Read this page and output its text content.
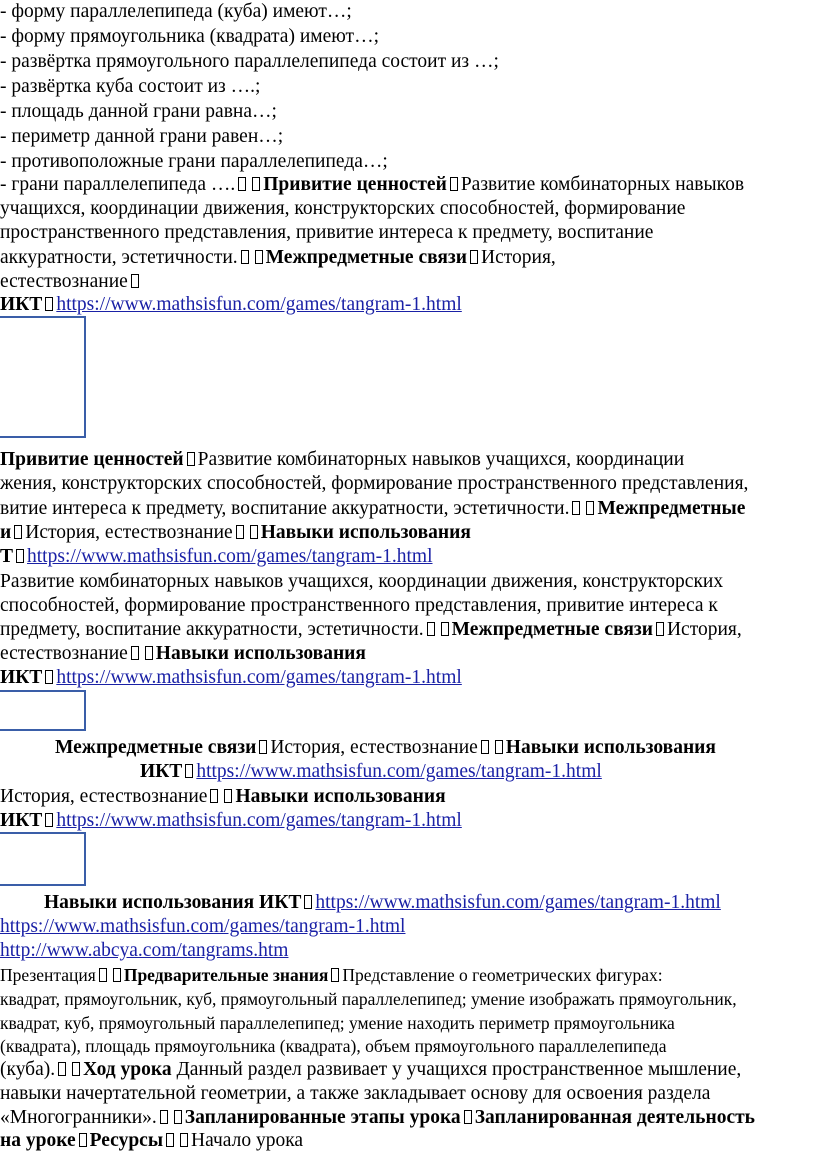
- форму параллелепипеда (куба) имеют…;
- форму прямоугольника (квадрата) имеют…;
- развёртка прямоугольного параллелепипеда состоит из …;
- развёртка куба состоит из ….;
- площадь данной грани равна…;
- периметр данной грани равен…;
- противоположные грани параллелепипеда…;
- грани параллелепипеда …. Привитие ценностей Развитие комбинаторных навыков
учащихся, координации движения, конструкторских способностей, формирование
пространственного представления, привитие интереса к предмету, воспитание
аккуратности, эстетичности. Межпредметные связи История,
естествознание
ИКТ https://www.mathsisfun.com/games/tangram-1.html
Привитие ценностей Развитие комбинаторных навыков учащихся, координации
жения, конструкторских способностей, формирование пространственного представления,
витие интереса к предмету, воспитание аккуратности, эстетичности. Межпредметные
и История, естествознание Навыки использования
Т https://www.mathsisfun.com/games/tangram-1.html
Развитие комбинаторных навыков учащихся, координации движения, конструкторских
способностей, формирование пространственного представления, привитие интереса к
предмету, воспитание аккуратности, эстетичности. Межпредметные связи История,
естествознание Навыки использования
ИКТ https://www.mathsisfun.com/games/tangram-1.html
Межпредметные связи История, естествознание Навыки использования
ИКТ https://www.mathsisfun.com/games/tangram-1.html
История, естествознание Навыки использования
ИКТ https://www.mathsisfun.com/games/tangram-1.html
Навыки использования ИКТ https://www.mathsisfun.com/games/tangram-1.html
https://www.mathsisfun.com/games/tangram-1.html
http://www.abcya.com/tangrams.htm
Презентация Предварительные знания Представление о геометрических фигурах:
квадрат, прямоугольник, куб, прямоугольный параллелепипед; умение изображать прямоугольник,
квадрат, куб, прямоугольный параллелепипед; умение находить периметр прямоугольника
(квадрата), площадь прямоугольника (квадрата), объем прямоугольного параллелепипеда
(куба). Ход урока Данный раздел развивает у учащихся пространственное мышление,
навыки начертательной геометрии, а также закладывает основу для освоения раздела
«Многогранники». Запланированные этапы урока Запланированная деятельность
на уроке Ресурсы Начало урока
